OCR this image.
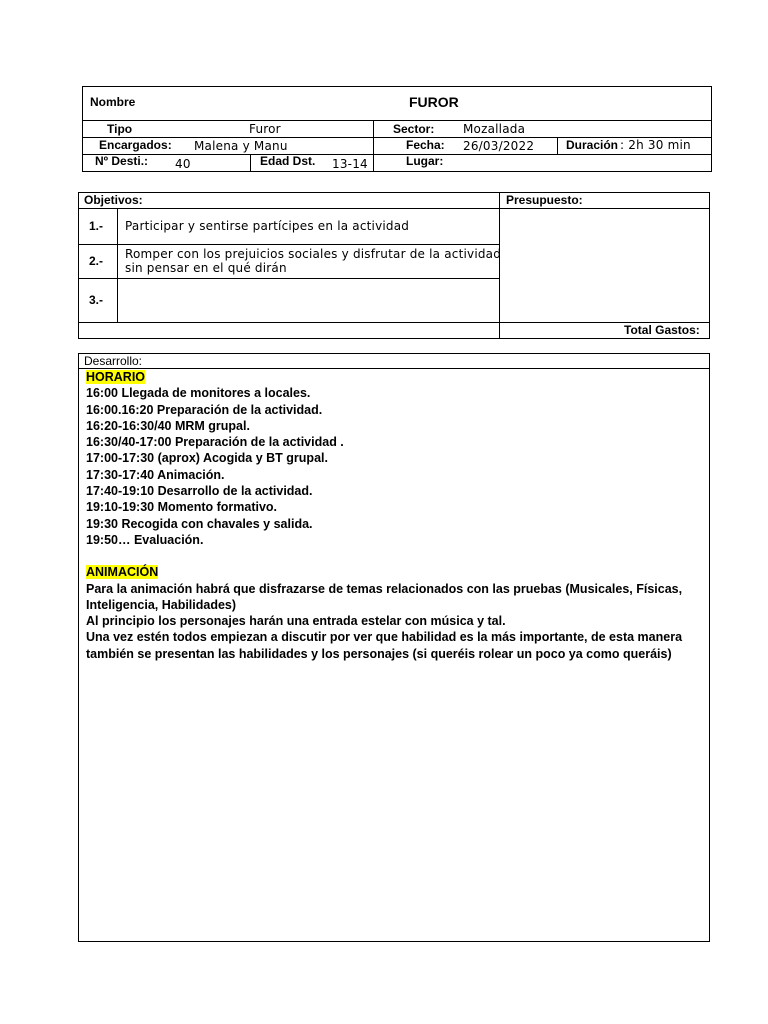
Nombre	FUROR
Tipo	Furor	Sector: Mozallada
Encargados: Malena y Manu	Fecha: 26/03/2022	Duración : 2h 30 min
Nº Desti.: 40	Edad Dst. 13-14	Lugar:
Objetivos:	Presupuesto:
1.- Participar y sentirse partícipes en la actividad
2.- Romper con los prejuicios sociales y disfrutar de la actividad
sin pensar en el qué dirán
3.-
Total Gastos:
Desarrollo:
HORARIO
16:00 Llegada de monitores a locales.
16:00.16:20 Preparación de la actividad.
16:20-16:30/40 MRM grupal.
16:30/40-17:00 Preparación de la actividad .
17:00-17:30 (aprox) Acogida y BT grupal.
17:30-17:40 Animación.
17:40-19:10 Desarrollo de la actividad.
19:10-19:30 Momento formativo.
19:30 Recogida con chavales y salida.
19:50… Evaluación.
ANIMACIÓN
Para la animación habrá que disfrazarse de temas relacionados con las pruebas (Musicales, Físicas,
Inteligencia, Habilidades)
Al principio los personajes harán una entrada estelar con música y tal.
Una vez estén todos empiezan a discutir por ver que habilidad es la más importante, de esta manera
también se presentan las habilidades y los personajes (si queréis rolear un poco ya como queráis)
